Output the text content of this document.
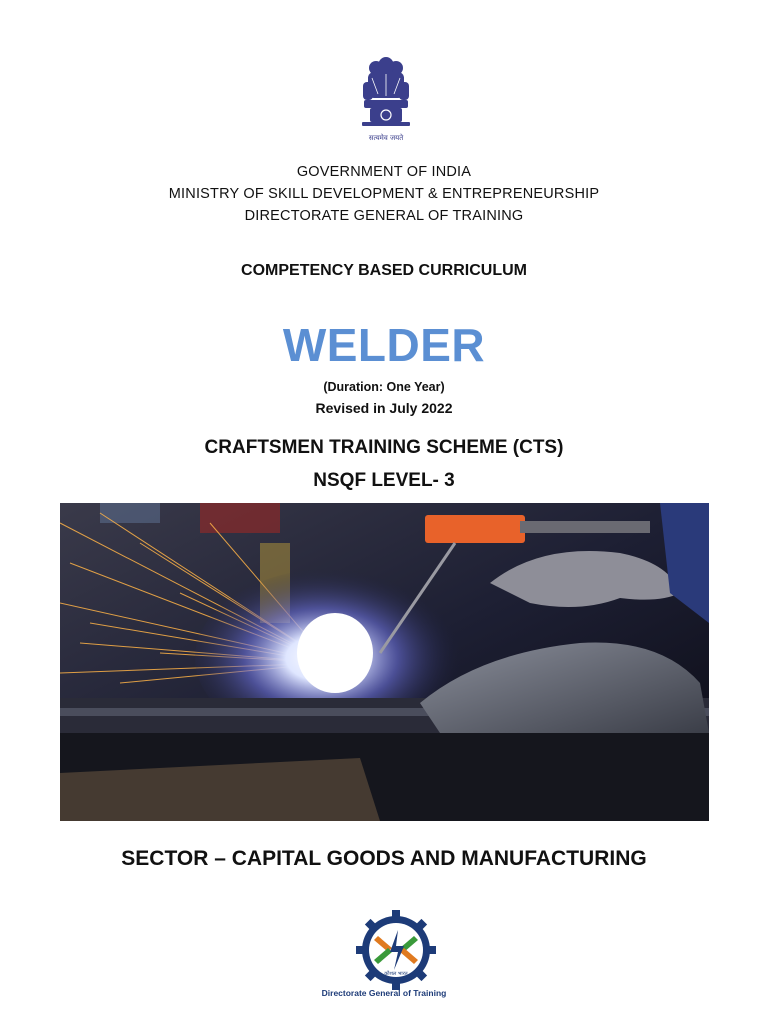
सत्यमेव जयते
GOVERNMENT OF INDIA
MINISTRY OF SKILL DEVELOPMENT & ENTREPRENEURSHIP
DIRECTORATE GENERAL OF TRAINING
COMPETENCY BASED CURRICULUM
WELDER
(Duration: One Year)
Revised in July 2022
CRAFTSMEN TRAINING SCHEME (CTS)
NSQF LEVEL- 3
SECTOR – CAPITAL GOODS AND MANUFACTURING
कौशल भारत
Directorate General of Training
